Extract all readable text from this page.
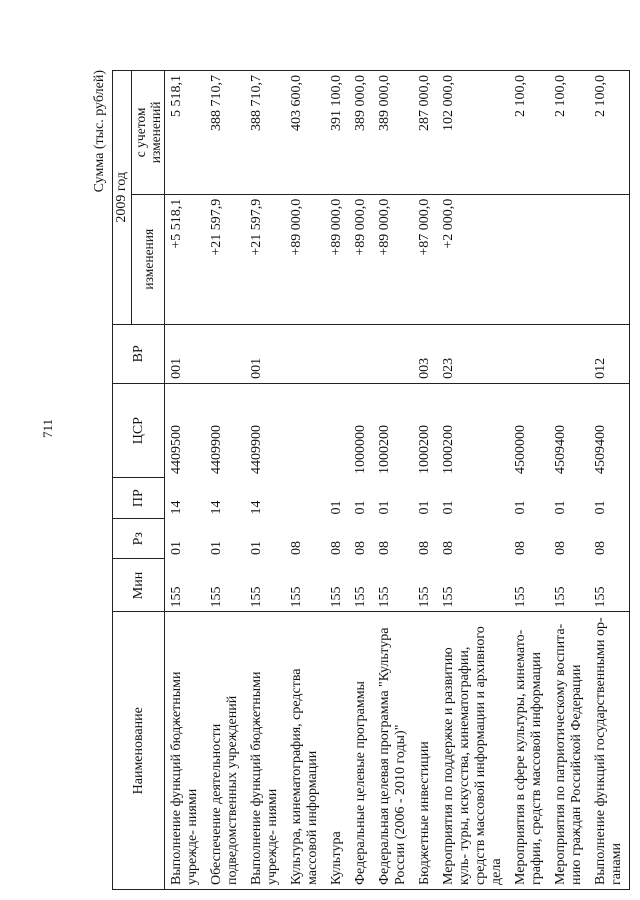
711
Сумма (тыс. рублей)
Наименование	Мин	Рз	ПР	ЦСР	ВР	2009 год	
						изменения	с учетом изменений
Выполнение функций бюджетными учрежде- ниями	155	01	14	4409500	001	+5 518,1	5 518,1
Обеспечение деятельности подведомственных учреждений	155	01	14	4409900		+21 597,9	388 710,7
Выполнение функций бюджетными учрежде- ниями	155	01	14	4409900	001	+21 597,9	388 710,7
Культура, кинематография, средства массовой информации	155	08				+89 000,0	403 600,0
Культура	155	08	01			+89 000,0	391 100,0
Федеральные целевые программы	155	08	01	1000000		+89 000,0	389 000,0
Федеральная целевая программа "Культура России (2006 - 2010 годы)"	155	08	01	1000200		+89 000,0	389 000,0
Бюджетные инвестиции	155	08	01	1000200	003	+87 000,0	287 000,0
Мероприятия по поддержке и развитию куль- туры, искусства, кинематографии, средств массовой информации и архивного дела	155	08	01	1000200	023	+2 000,0	102 000,0
Мероприятия в сфере культуры, кинемато- графии, средств массовой информации	155	08	01	4500000			2 100,0
Мероприятия по патриотическому воспита- нию граждан Российской Федерации	155	08	01	4509400			2 100,0
Выполнение функций государственными ор- ганами	155	08	01	4509400	012		2 100,0
